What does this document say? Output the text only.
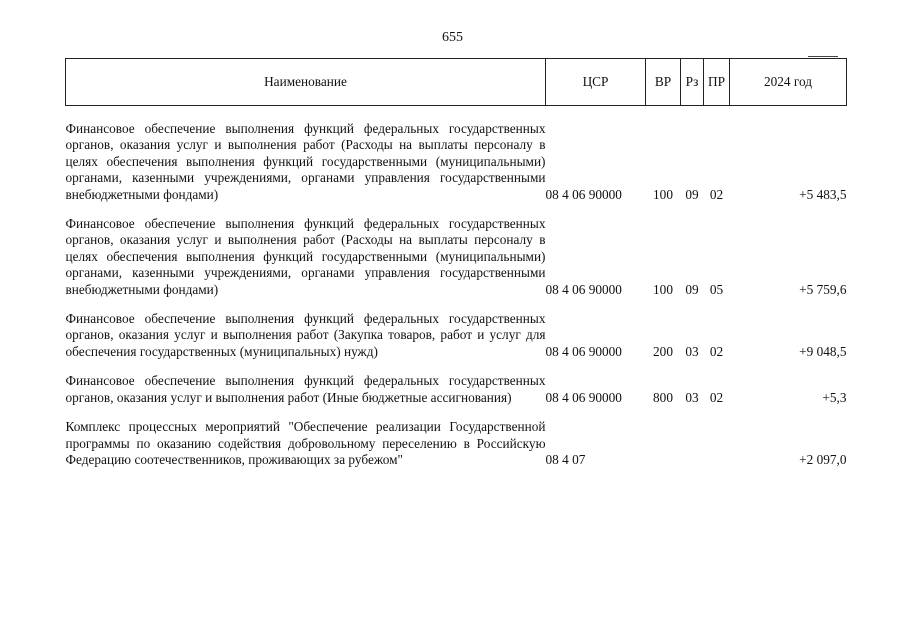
655
Наименование	ЦСР	ВР	Рз	ПР	2024 год

Финансовое обеспечение выполнения функций федеральных государственных органов, оказания услуг и выполнения работ (Расходы на выплаты персоналу в целях обеспечения выполнения функций государственными (муниципальными) органами, казенными учреждениями, органами управления государственными внебюджетными фондами)	08 4 06 90000	100	09	02	+5 483,5

Финансовое обеспечение выполнения функций федеральных государственных органов, оказания услуг и выполнения работ (Расходы на выплаты персоналу в целях обеспечения выполнения функций государственными (муниципальными) органами, казенными учреждениями, органами управления государственными внебюджетными фондами)	08 4 06 90000	100	09	05	+5 759,6

Финансовое обеспечение выполнения функций федеральных государственных органов, оказания услуг и выполнения работ (Закупка товаров, работ и услуг для обеспечения государственных (муниципальных) нужд)	08 4 06 90000	200	03	02	+9 048,5

Финансовое обеспечение выполнения функций федеральных государственных органов, оказания услуг и выполнения работ (Иные бюджетные ассигнования)	08 4 06 90000	800	03	02	+5,3

Комплекс процессных мероприятий "Обеспечение реализации Государственной программы по оказанию содействия добровольному переселению в Российскую Федерацию соотечественников, проживающих за рубежом"	08 4 07				+2 097,0
